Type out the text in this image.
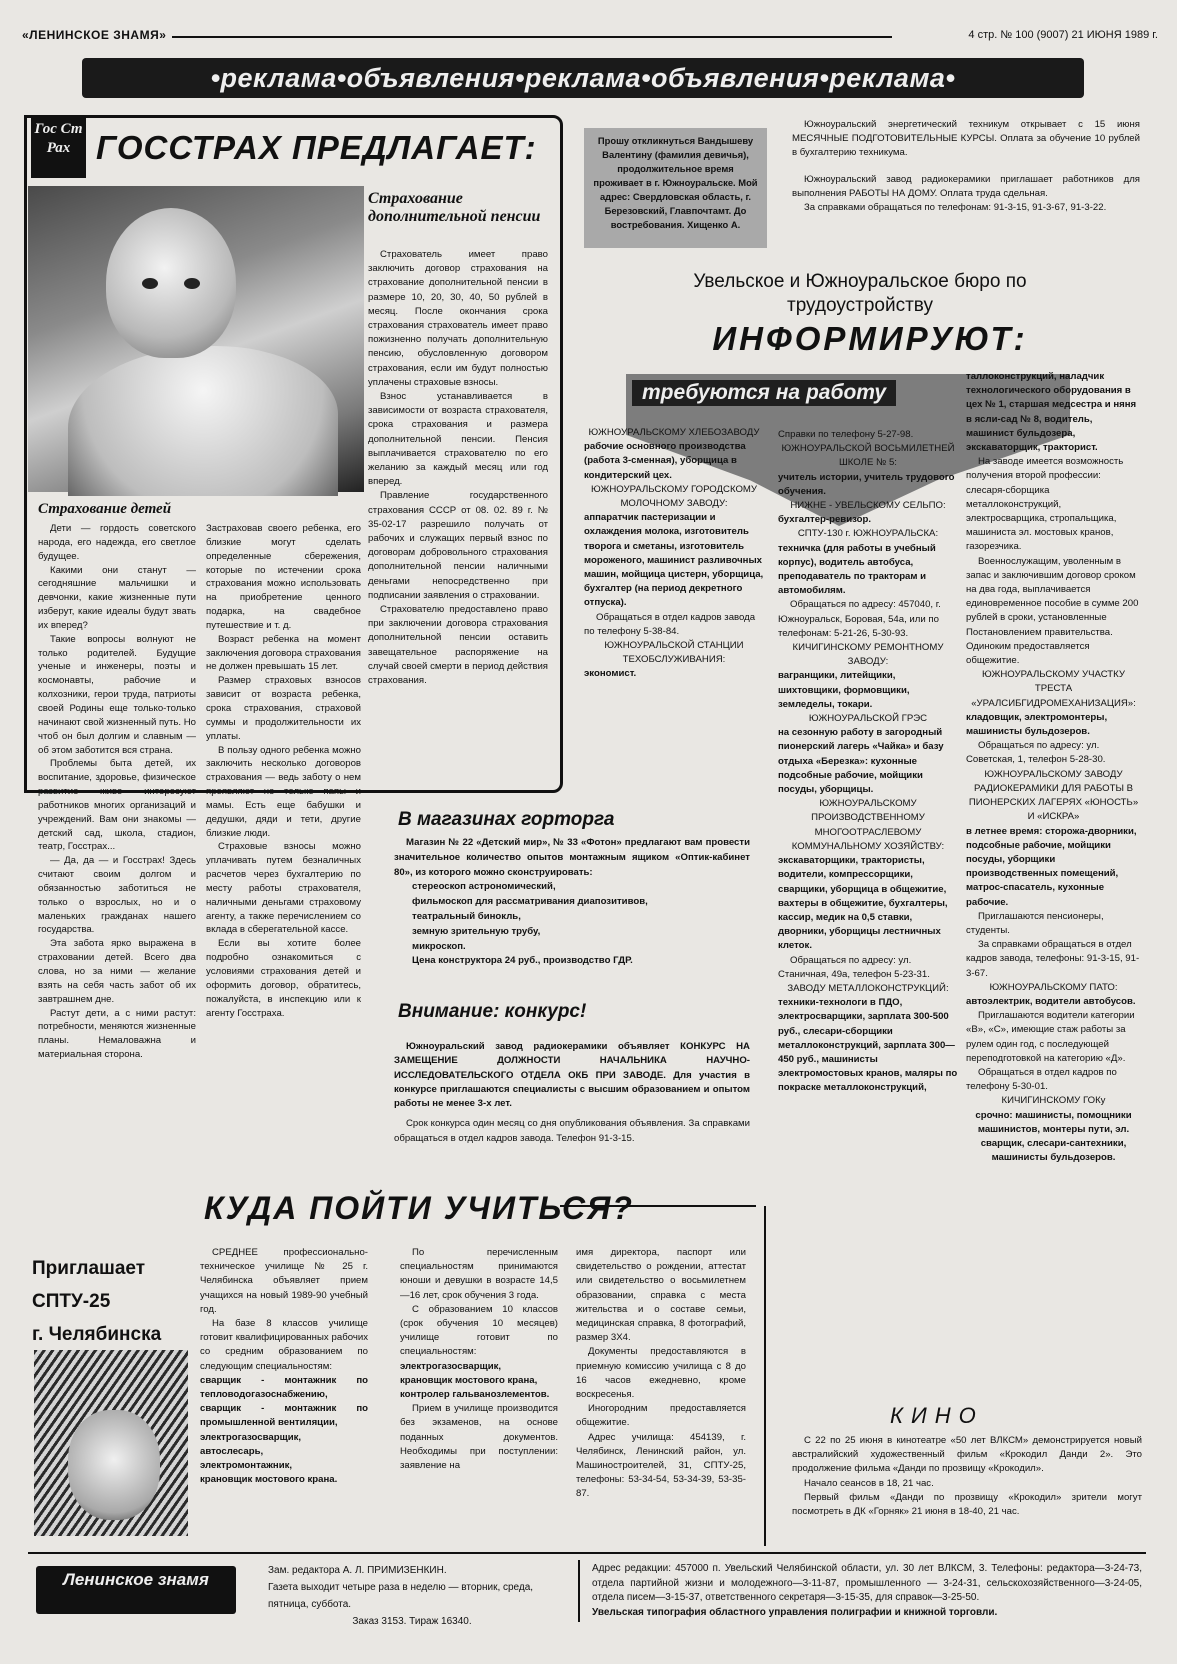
«ЛЕНИНСКОЕ ЗНАМЯ»	4 стр. № 100 (9007) 21 ИЮНЯ 1989 г.
•реклама•объявления•реклама•объявления•реклама•
Гос Ст Рах ГОССТРАХ ПРЕДЛАГАЕТ:
Страхование дополнительной пенсии

Страхователь имеет право заключить договор страхования на страхование дополнительной пенсии в размере 10, 20, 30, 40, 50 рублей в месяц. После окончания срока страхования страхователь имеет право пожизненно получать дополнительную пенсию, обусловленную договором страхования, если им будут полностью уплачены страховые взносы.

Взнос устанавливается в зависимости от возраста страхователя, срока страхования и размера дополнительной пенсии. Пенсия выплачивается страхователю по его желанию за каждый месяц или год вперед.

Правление государственного страхования СССР от 08. 02. 89 г. № 35-02-17 разрешило получать от рабочих и служащих первый взнос по договорам добровольного страхования дополнительной пенсии наличными деньгами непосредственно при подписании заявления о страховании.

Страхователю предоставлено право при заключении договора страхования дополнительной пенсии оставить завещательное распоряжение на случай своей смерти в период действия страхования.

Страхование детей

Дети — гордость советского народа, его надежда, его светлое будущее.

Какими они станут — сегодняшние мальчишки и девчонки, какие жизненные пути изберут, какие идеалы будут звать их вперед?

Такие вопросы волнуют не только родителей. Будущие ученые и инженеры, поэты и космонавты, рабочие и колхозники, герои труда, патриоты своей Родины еще только-только начинают свой жизненный путь. Но чтоб он был долгим и славным — об этом заботится вся страна.

Проблемы быта детей, их воспитание, здоровье, физическое развитие живо интересуют работников многих организаций и учреждений. Вам они знакомы — детский сад, школа, стадион, театр, Госстрах...

— Да, да — и Госстрах! Здесь считают своим долгом и обязанностью заботиться не только о взрослых, но и о маленьких гражданах нашего государства.

Эта забота ярко выражена в страховании детей. Всего два слова, но за ними — желание взять на себя часть забот об их завтрашнем дне.

Растут дети, а с ними растут: потребности, меняются жизненные планы. Немаловажна и материальная сторона.

Застраховав своего ребенка, его близкие могут сделать определенные сбережения, которые по истечении срока страхования можно использовать на приобретение ценного подарка, на свадебное путешествие и т. д.

Возраст ребенка на момент заключения договора страхования не должен превышать 15 лет.

Размер страховых взносов зависит от возраста ребенка, срока страхования, страховой суммы и продолжительности их уплаты.

В пользу одного ребенка можно заключить несколько договоров страхования — ведь заботу о нем проявляют не только папы и мамы. Есть еще бабушки и дедушки, дяди и тети, другие близкие люди.

Страховые взносы можно уплачивать путем безналичных расчетов через бухгалтерию по месту работы страхователя, наличными деньгами страховому агенту, а также перечислением со вклада в сберегательной кассе.

Если вы хотите более подробно ознакомиться с условиями страхования детей и оформить договор, обратитесь, пожалуйста, в инспекцию или к агенту Госстраха.

Прошу откликнуться Вандышеву Валентину (фамилия девичья), продолжительное время проживает в г. Южноуральске. Мой адрес: Свердловская область, г. Березовский, Главпочтамт. До востребования. Хищенко А.

Южноуральский энергетический техникум открывает с 15 июня МЕСЯЧНЫЕ ПОДГОТОВИТЕЛЬНЫЕ КУРСЫ. Оплата за обучение 10 рублей в бухгалтерию техникума.

Южноуральский завод радиокерамики приглашает работников для выполнения РАБОТЫ НА ДОМУ. Оплата труда сдельная.

За справками обращаться по телефонам: 91-3-15, 91-3-67, 91-3-22.

Увельское и Южноуральское бюро по трудоустройству
ИНФОРМИРУЮТ:
требуются на работу

ЮЖНОУРАЛЬСКОМУ ХЛЕБОЗАВОДУ

рабочие основного производства (работа 3-сменная), уборщица в кондитерский цех.

ЮЖНОУРАЛЬСКОМУ ГОРОДСКОМУ МОЛОЧНОМУ ЗАВОДУ:

аппаратчик пастеризации и охлаждения молока, изготовитель творога и сметаны, изготовитель мороженого, машинист разливочных машин, мойщица цистерн, уборщица, бухгалтер (на период декретного отпуска).

Обращаться в отдел кадров завода по телефону 5-38-84.

ЮЖНОУРАЛЬСКОЙ СТАНЦИИ ТЕХОБСЛУЖИВАНИЯ:

экономист.

Справки по телефону 5-27-98.

ЮЖНОУРАЛЬСКОЙ ВОСЬМИЛЕТНЕЙ ШКОЛЕ № 5:

учитель истории, учитель трудового обучения.

НИЖНЕ - УВЕЛЬСКОМУ СЕЛЬПО:

бухгалтер-ревизор.

СПТУ-130 г. ЮЖНОУРАЛЬСКА:

техничка (для работы в учебный корпус), водитель автобуса, преподаватель по тракторам и автомобилям.

Обращаться по адресу: 457040, г. Южноуральск, Боровая, 54а, или по телефонам: 5-21-26, 5-30-93.

КИЧИГИНСКОМУ РЕМОНТНОМУ ЗАВОДУ:

вагранщики, литейщики, шихтовщики, формовщики, земледелы, токари.

ЮЖНОУРАЛЬСКОЙ ГРЭС

на сезонную работу в загородный пионерский лагерь «Чайка» и базу отдыха «Березка»: кухонные подсобные рабочие, мойщики посуды, уборщицы.

ЮЖНОУРАЛЬСКОМУ ПРОИЗВОДСТВЕННОМУ МНОГООТРАСЛЕВОМУ КОММУНАЛЬНОМУ ХОЗЯЙСТВУ:

экскаваторщики, трактористы, водители, компрессорщики, сварщики, уборщица в общежитие, вахтеры в общежитие, бухгалтеры, кассир, медик на 0,5 ставки, дворники, уборщицы лестничных клеток.

Обращаться по адресу: ул. Станичная, 49а, телефон 5-23-31.

ЗАВОДУ МЕТАЛЛОКОНСТРУКЦИЙ:

техники-технологи в ПДО, электросварщики, зарплата 300-500 руб., слесари-сборщики металлоконструкций, зарплата 300—450 руб., машинисты электромостовых кранов, маляры по покраске металлоконструкций,

таллоконструкций, наладчик технологического оборудования в цех № 1, старшая медсестра и няня в ясли-сад № 8, водитель, машинист бульдозера, экскаваторщик, тракторист.

На заводе имеется возможность получения второй профессии: слесаря-сборщика металлоконструкций, электросварщика, стропальщика, машиниста эл. мостовых кранов, газорезчика.

Военнослужащим, уволенным в запас и заключившим договор сроком на два года, выплачивается единовременное пособие в сумме 200 рублей в сроки, установленные Постановлением правительства. Одиноким предоставляется общежитие.

ЮЖНОУРАЛЬСКОМУ УЧАСТКУ ТРЕСТА «УРАЛСИБГИДРОМЕХАНИЗАЦИЯ»:

кладовщик, электромонтеры, машинисты бульдозеров.

Обращаться по адресу: ул. Советская, 1, телефон 5-28-30.

ЮЖНОУРАЛЬСКОМУ ЗАВОДУ РАДИОКЕРАМИКИ ДЛЯ РАБОТЫ В ПИОНЕРСКИХ ЛАГЕРЯХ «ЮНОСТЬ» И «ИСКРА»

в летнее время: сторожа-дворники, подсобные рабочие, мойщики посуды, уборщики производственных помещений, матрос-спасатель, кухонные рабочие.

Приглашаются пенсионеры, студенты.

За справками обращаться в отдел кадров завода, телефоны: 91-3-15, 91-3-67.

ЮЖНОУРАЛЬСКОМУ ПАТО:

автоэлектрик, водители автобусов.

Приглашаются водители категории «В», «С», имеющие стаж работы за рулем один год, с последующей переподготовкой на категорию «Д».

Обращаться в отдел кадров по телефону 5-30-01.

КИЧИГИНСКОМУ ГОКу

срочно: машинисты, помощники машинистов, монтеры пути, эл. сварщик, слесари-сантехники, машинисты бульдозеров.

В магазинах горторга

Магазин № 22 «Детский мир», № 33 «Фотон» предлагают вам провести значительное количество опытов монтажным ящиком «Оптик-кабинет 80», из которого можно сконструировать:

стереоскоп астрономический,

фильмоскоп для рассматривания диапозитивов,

театральный бинокль,

земную зрительную трубу,

микроскоп.

Цена конструктора 24 руб., производство ГДР.

Внимание: конкурс!

Южноуральский завод радиокерамики объявляет КОНКУРС НА ЗАМЕЩЕНИЕ ДОЛЖНОСТИ НАЧАЛЬНИКА НАУЧНО-ИССЛЕДОВАТЕЛЬСКОГО ОТДЕЛА ОКБ ПРИ ЗАВОДЕ. Для участия в конкурсе приглашаются специалисты с высшим образованием и опытом работы не менее 3-х лет.

Срок конкурса один месяц со дня опубликования объявления. За справками обращаться в отдел кадров завода. Телефон 91-3-15.

КУДА ПОЙТИ УЧИТЬСЯ?

Приглашает

СПТУ-25

г. Челябинска

СРЕДНЕЕ профессионально-техническое училище № 25 г. Челябинска объявляет прием учащихся на новый 1989-90 учебный год.

На базе 8 классов училище готовит квалифицированных рабочих со средним образованием по следующим специальностям:

сварщик - монтажник по тепловодогазоснабжению,

сварщик - монтажник по промышленной вентиляции,

электрогазосварщик,

автослесарь,

электромонтажник,

крановщик мостового крана.

По перечисленным специальностям принимаются юноши и девушки в возрасте 14,5—16 лет, срок обучения 3 года.

С образованием 10 классов (срок обучения 10 месяцев) училище готовит по специальностям:

электрогазосварщик,

крановщик мостового крана,

контролер гальванозлементов.

Прием в училище производится без экзаменов, на основе поданных документов. Необходимы при поступлении: заявление на

имя директора, паспорт или свидетельство о рождении, аттестат или свидетельство о восьмилетнем образовании, справка с места жительства и о составе семьи, медицинская справка, 8 фотографий, размер 3Х4.

Документы предоставляются в приемную комиссию училища с 8 до 16 часов ежедневно, кроме воскресенья.

Иногородним предоставляется общежитие.

Адрес училища: 454139, г. Челябинск, Ленинский район, ул. Машиностроителей, 31, СПТУ-25, телефоны: 53-34-54, 53-34-39, 53-35-87.

КИНО

С 22 по 25 июня в кинотеатре «50 лет ВЛКСМ» демонстрируется новый австралийский художественный фильм «Крокодил Данди 2». Это продолжение фильма «Данди по прозвищу «Крокодил».

Начало сеансов в 18, 21 час.

Первый фильм «Данди по прозвищу «Крокодил» зрители могут посмотреть в ДК «Горняк» 21 июня в 18-40, 21 час.

Ленинское знамя	Зам. редактора А. Л. ПРИМИЗЕНКИН.

Газета выходит четыре раза в неделю — вторник, среда, пятница, суббота.

Заказ 3153. Тираж 16340.

Адрес редакции: 457000 п. Увельский Челябинской области, ул. 30 лет ВЛКСМ, 3. Телефоны: редактора—3-24-73, отдела партийной жизни и молодежного—3-11-87, промышленного — 3-24-31, сельскохозяйственного—3-24-05, отдела писем—3-15-37, ответственного секретаря—3-15-35, для справок—3-25-50.

Увельская типография областного управления полиграфии и книжной торговли.
